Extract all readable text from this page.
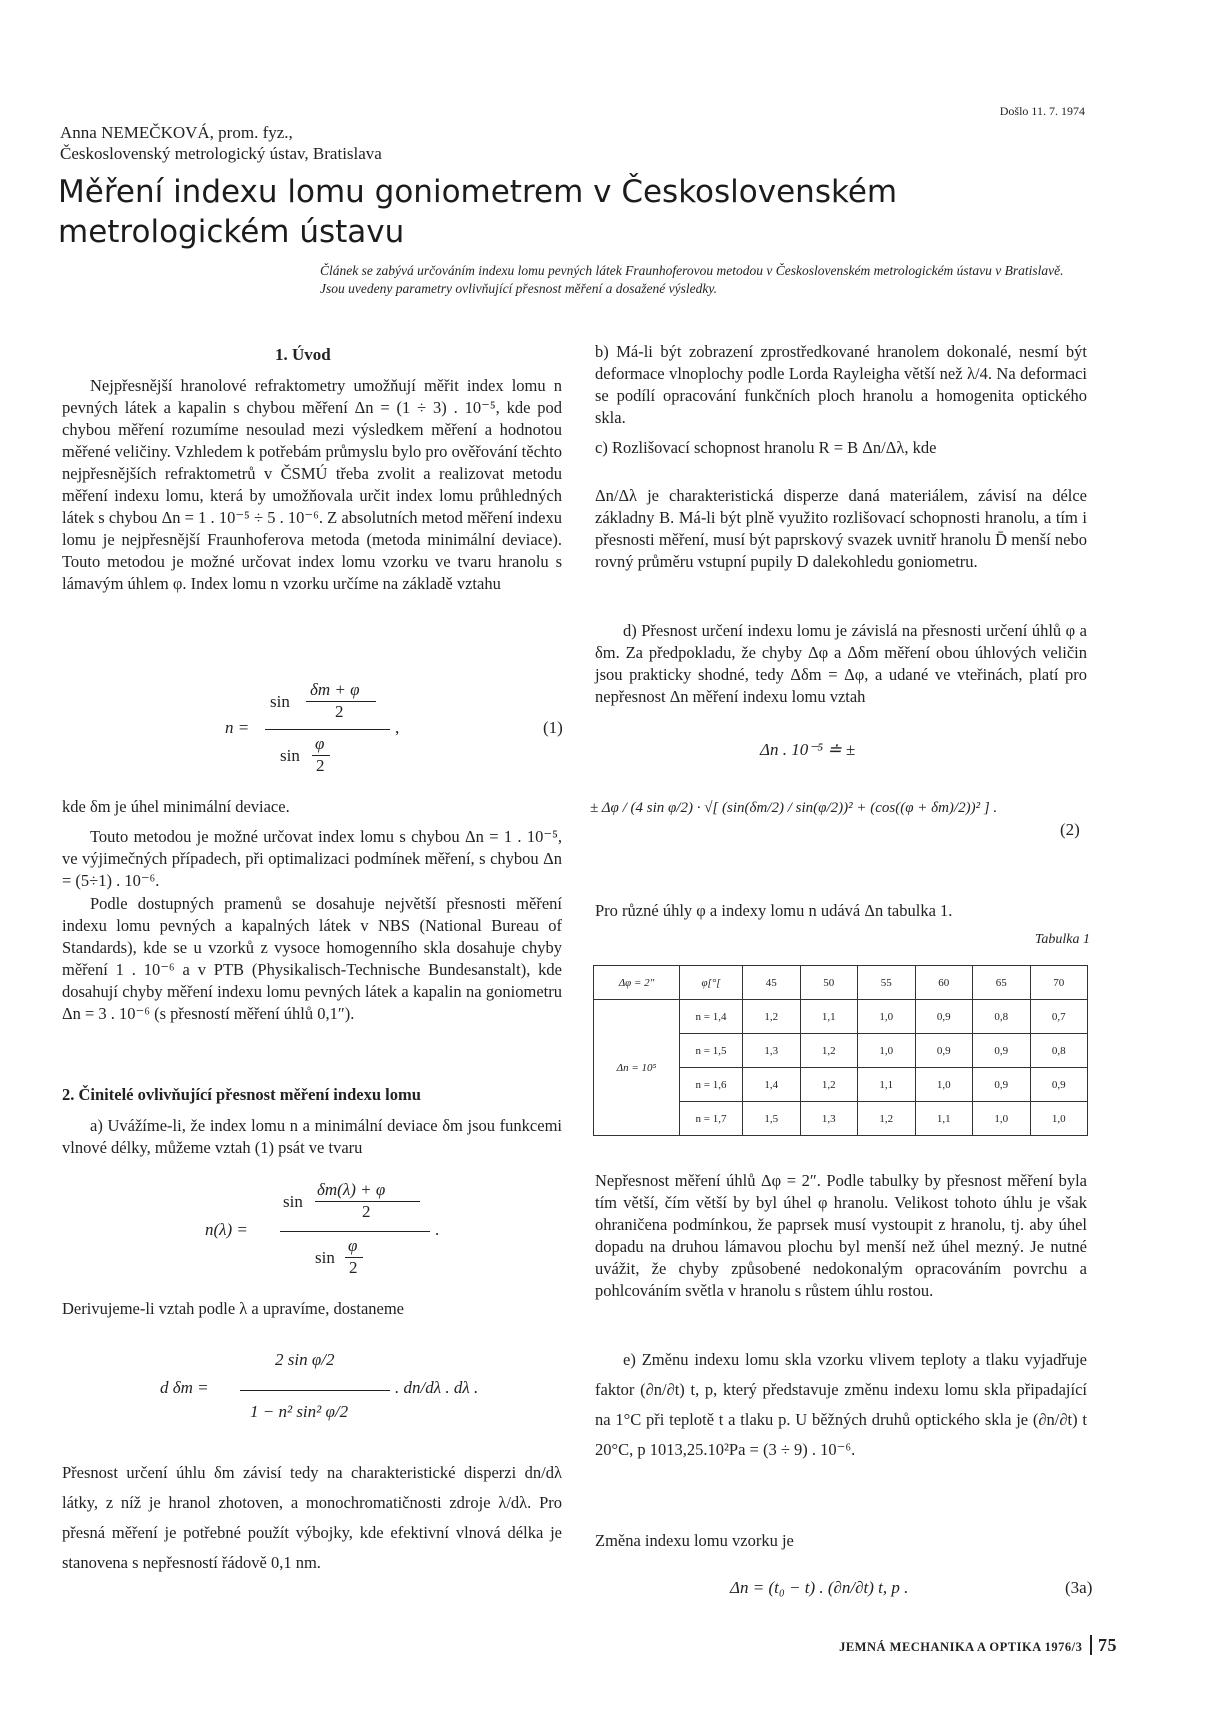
Anna NEMEČKOVÁ, prom. fyz.,
Československý metrologický ústav, Bratislava
Došlo 11. 7. 1974
Měření indexu lomu goniometrem v Československém
metrologickém ústavu
Článek se zabývá určováním indexu lomu pevných látek Fraunhoferovou metodou v Československém metrologickém ústavu v Bratislavě. Jsou uvedeny parametry ovlivňující přesnost měření a dosažené výsledky.
1. Úvod
Nejpřesnější hranolové refraktometry umožňují měřit index lomu n pevných látek a kapalin s chybou měření Δn = (1 ÷ 3) . 10⁻⁵, kde pod chybou měření rozumíme nesoulad mezi výsledkem měření a hodnotou měřené veličiny. Vzhledem k potřebám průmyslu bylo pro ověřování těchto nejpřesnějších refraktometrů v ČSMÚ třeba zvolit a realizovat metodu měření indexu lomu, která by umožňovala určit index lomu průhledných látek s chybou Δn = 1 . 10⁻⁵ ÷ 5 . 10⁻⁶. Z absolutních metod měření indexu lomu je nejpřesnější Fraunhoferova metoda (metoda minimální deviace). Touto metodou je možné určovat index lomu vzorku ve tvaru hranolu s lámavým úhlem φ. Index lomu n vzorku určíme na základě vztahu
n =
sin
δm + φ
2
sin
φ
2
,	(1)
kde δm je úhel minimální deviace.
Touto metodou je možné určovat index lomu s chybou Δn = 1 . 10⁻⁵, ve výjimečných případech, při optimalizaci podmínek měření, s chybou Δn = (5÷1) . 10⁻⁶.
Podle dostupných pramenů se dosahuje největší přesnosti měření indexu lomu pevných a kapalných látek v NBS (National Bureau of Standards), kde se u vzorků z vysoce homogenního skla dosahuje chyby měření 1 . 10⁻⁶ a v PTB (Physikalisch-Technische Bundesanstalt), kde dosahují chyby měření indexu lomu pevných látek a kapalin na goniometru Δn = 3 . 10⁻⁶ (s přesností měření úhlů 0,1″).
2. Činitelé ovlivňující přesnost měření indexu lomu
a) Uvážíme-li, že index lomu n a minimální deviace δm jsou funkcemi vlnové délky, můžeme vztah (1) psát ve tvaru
n(λ) =
sin
δm(λ) + φ
2
sin
φ
2
.
Derivujeme-li vztah podle λ a upravíme, dostaneme
d δm =
2 sin φ/2
1 − n² sin² φ/2
. dn/dλ . dλ .
Přesnost určení úhlu δm závisí tedy na charakteristické disperzi dn/dλ látky, z níž je hranol zhotoven, a monochromatičnosti zdroje λ/dλ. Pro přesná měření je potřebné použít výbojky, kde efektivní vlnová délka je stanovena s nepřesností řádově 0,1 nm.
b) Má-li být zobrazení zprostředkované hranolem dokonalé, nesmí být deformace vlnoplochy podle Lorda Rayleigha větší než λ/4. Na deformaci se podílí opracování funkčních ploch hranolu a homogenita optického skla.
c) Rozlišovací schopnost hranolu R = B Δn/Δλ, kde
Δn/Δλ je charakteristická disperze daná materiálem, závisí na délce základny B. Má-li být plně využito rozlišovací schopnosti hranolu, a tím i přesnosti měření, musí být paprskový svazek uvnitř hranolu D̄ menší nebo rovný průměru vstupní pupily D dalekohledu goniometru.
d) Přesnost určení indexu lomu je závislá na přesnosti určení úhlů φ a δm. Za předpokladu, že chyby Δφ a Δδm měření obou úhlových veličin jsou prakticky shodné, tedy Δδm = Δφ, a udané ve vteřinách, platí pro nepřesnost Δn měření indexu lomu vztah
Δn . 10⁻⁵ ≐ ±
± Δφ / (4 sin φ/2) · √[ (sin(δm/2) / sin(φ/2))² + (cos((φ + δm)/2))² ] .
(2)
Pro různé úhly φ a indexy lomu n udává Δn tabulka 1.
Tabulka 1
Δφ = 2″	φ[°[	45	50	55	60	65	70
Δn = 10⁵	n = 1,4	1,2	1,1	1,0	0,9	0,8	0,7
	n = 1,5	1,3	1,2	1,0	0,9	0,9	0,8
	n = 1,6	1,4	1,2	1,1	1,0	0,9	0,9
	n = 1,7	1,5	1,3	1,2	1,1	1,0	1,0
Nepřesnost měření úhlů Δφ = 2″. Podle tabulky by přesnost měření byla tím větší, čím větší by byl úhel φ hranolu. Velikost tohoto úhlu je však ohraničena podmínkou, že paprsek musí vystoupit z hranolu, tj. aby úhel dopadu na druhou lámavou plochu byl menší než úhel mezný. Je nutné uvážit, že chyby způsobené nedokonalým opracováním povrchu a pohlcováním světla v hranolu s růstem úhlu rostou.
e) Změnu indexu lomu skla vzorku vlivem teploty a tlaku vyjadřuje faktor (∂n/∂t) t, p, který představuje změnu indexu lomu skla připadající na 1°C při teplotě t a tlaku p. U běžných druhů optického skla je (∂n/∂t) t 20°C, p 1013,25.10²Pa = (3 ÷ 9) . 10⁻⁶.
Změna indexu lomu vzorku je
Δn = (t₀ − t) . (∂n/∂t) t, p .	(3a)
JEMNÁ MECHANIKA A OPTIKA 1976/3 75
